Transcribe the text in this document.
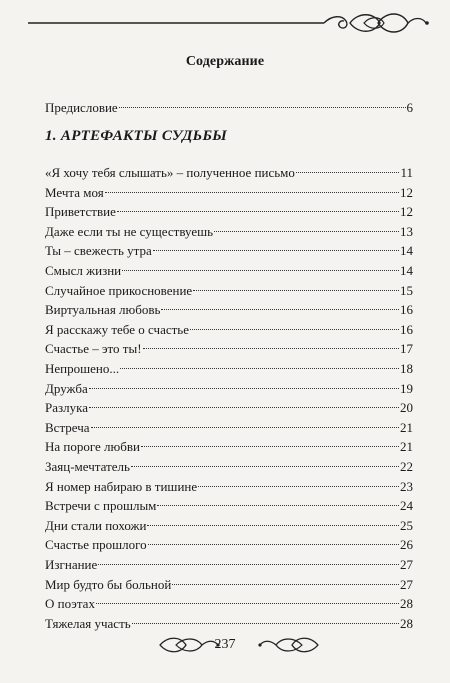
Содержание
Предисловие	6
1. АРТЕФАКТЫ СУДЬБЫ
«Я хочу тебя слышать» – полученное письмо	11
Мечта моя	12
Приветствие	12
Даже если ты не существуешь	13
Ты – свежесть утра	14
Смысл жизни	14
Случайное прикосновение	15
Виртуальная любовь	16
Я расскажу тебе о счастье	16
Счастье – это ты!	17
Непрошено...	18
Дружба	19
Разлука	20
Встреча	21
На пороге любви	21
Заяц-мечтатель	22
Я номер набираю в тишине	23
Встречи с прошлым	24
Дни стали похожи	25
Счастье прошлого	26
Изгнание	27
Мир будто бы больной	27
О поэтах	28
Тяжелая участь	28
237
